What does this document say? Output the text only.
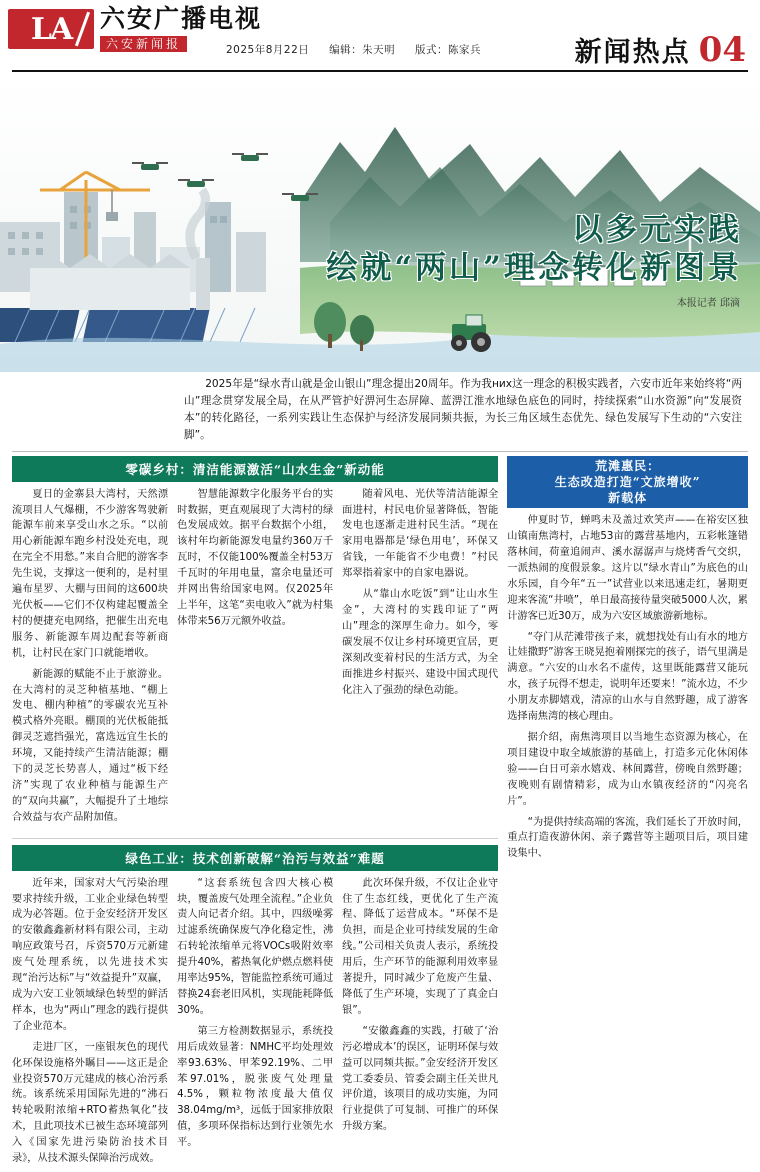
LA 六安广播电视
六安新闻报	2025年8月22日 编辑：朱天明 版式：陈家兵	新闻热点 04
以多元实践
绘就“两山”理念转化新图景
本报记者 邱滴
2025年是“绿水青山就是金山银山”理念提出20周年。作为我них这一理念的积极实践者，六安市近年来始终将“两山”理念贯穿发展全局，在从严管护好淠河生态屏障、蓝淠江淮水地绿色底色的同时，持续探索“山水资源”向“发展资本”的转化路径，一系列实践让生态保护与经济发展同频共振，为长三角区域生态优先、绿色发展写下生动的“六安注脚”。
零碳乡村：清洁能源激活“山水生金”新动能

夏日的金寨县大湾村，天然漂流项目人气爆棚，不少游客驾驶新能源车前来享受山水之乐。“以前用心新能源车跑乡村没处充电，现在完全不用愁。”来自合肥的游客李先生说，支撑这一便利的，是村里遍布星罗、大棚与田间的这600块光伏板——它们不仅构建起覆盖全村的便捷充电网络，把催生出充电服务、新能源车周边配套等新商机，让村民在家门口就能增收。

新能源的赋能不止于旅游业。在大湾村的灵芝种植基地、“棚上发电、棚内种植”的零碳农光互补模式格外亮眼。棚顶的光伏板能抵御灵芝遮挡强光，富选远宜生长的环境，又能持续产生清洁能源；棚下的灵芝长势喜人，通过“板下经济”实现了农业种植与能源生产的“双向共赢”，大幅提升了土地综合效益与农产品附加值。

智慧能源数字化服务平台的实时数据，更直观展现了大湾村的绿色发展成效。据平台数据个小组，该村年均新能源发电量约360万千瓦时，不仅能100%覆盖全村53万千瓦时的年用电量，富余电量还可并网出售给国家电网。仅2025年上半年，这笔“卖电收入”就为村集体带来56万元额外收益。

随着风电、光伏等清洁能源全面进村，村民电价显著降低，智能发电也逐渐走进村民生活。“现在家用电器都是‘绿色用电’，环保又省钱，一年能省不少电费！”村民郑翠指着家中的自家电器说。

从“靠山水吃饭”到“让山水生金”，大湾村的实践印证了“两山”理念的深厚生命力。如今，零碳发展不仅让乡村环境更宜居，更深刻改变着村民的生活方式，为全面推进乡村振兴、建设中国式现代化注入了强劲的绿色动能。

绿色工业：技术创新破解“治污与效益”难题

近年来，国家对大气污染治理要求持续升级，工业企业绿色转型成为必答题。位于金安经济开发区的安徽鑫鑫新材料有限公司，主动响应政策号召，斥资570万元新建废气处理系统，以先进技术实现“治污达标”与“效益提升”双赢，成为六安工业领域绿色转型的鲜活样本，也为“两山”理念的践行提供了企业范本。

走进厂区，一座银灰色的现代化环保设施格外瞩目——这正是企业投资570万元建成的核心治污系统。该系统采用国际先进的“沸石转轮吸附浓缩+RTO蓄热氧化”技术，且此项技术已被生态环境部列入《国家先进污染防治技术目录》，从技术源头保障治污成效。

“这套系统包含四大核心模块，覆盖废气处理全流程。”企业负责人向记者介绍。其中，四级噪雾过滤系统确保废气净化稳定性，沸石转轮浓缩单元将VOCs吸附效率提升40%，蓄热氧化炉燃点燃料使用率达95%，智能监控系统可通过替换24套老旧风机，实现能耗降低30%。

第三方检测数据显示，系统投用后成效显著：NMHC平均处理效率93.63%、甲苯92.19%、二甲苯97.01%，脱张废气处理量4.5%，颗粒物浓度最大值仅38.04mg/m³，远低于国家排放限值，多项环保指标达到行业领先水平。

此次环保升级，不仅让企业守住了生态红线，更优化了生产流程、降低了运营成本。“环保不是负担，而是企业可持续发展的生命线。”公司相关负责人表示，系统投用后，生产环节的能源利用效率显著提升，同时减少了危废产生量、降低了生产环境，实现了了真金白银”。

“安徽鑫鑫的实践，打破了‘治污必增成本’的误区，证明环保与效益可以同频共振。”金安经济开发区党工委委员、管委会副主任关世凡评价道，该项目的成功实施，为同行业提供了可复制、可推广的环保升级方案。

荒滩惠民：
生态改造打造“文旅增收”
新载体

仲夏时节，蝉鸣未及盖过欢笑声——在裕安区独山镇南焦湾村，占地53亩的露营基地内，五彩帐篷错落林间，荷童追闹声、溪水潺潺声与烧烤香气交织，一派热闹的度假景象。这片以“绿水青山”为底色的山水乐园，自今年“五一”试营业以来迅速走红，暑期更迎来客流“井喷”，单日最高接待量突破5000人次，累计游客已近30万，成为六安区域旅游新地标。

“夺门从茫滩带孩子来，就想找处有山有水的地方让娃撒野”游客王晓晃抱着刚探完的孩子，语气里满是满意。“六安的山水名不虚传，这里既能露营又能玩水，孩子玩得不想走，说明年还要来！”流水边，不少小朋友赤脚嬉戏，清凉的山水与自然野趣，成了游客选择南焦湾的核心理由。

据介绍，南焦湾项目以当地生态资源为核心，在项目建设中取全域旅游的基础上，打造多元化休闲体验——白日可亲水嬉戏、林间露营，傍晚自然野趣；夜晚则有剧情精彩，成为山水镇夜经济的“闪亮名片”。

“为提供持续高端的客流，我们延长了开放时间，重点打造夜游休闲、亲子露营等主题项目后，项目建设集中、
